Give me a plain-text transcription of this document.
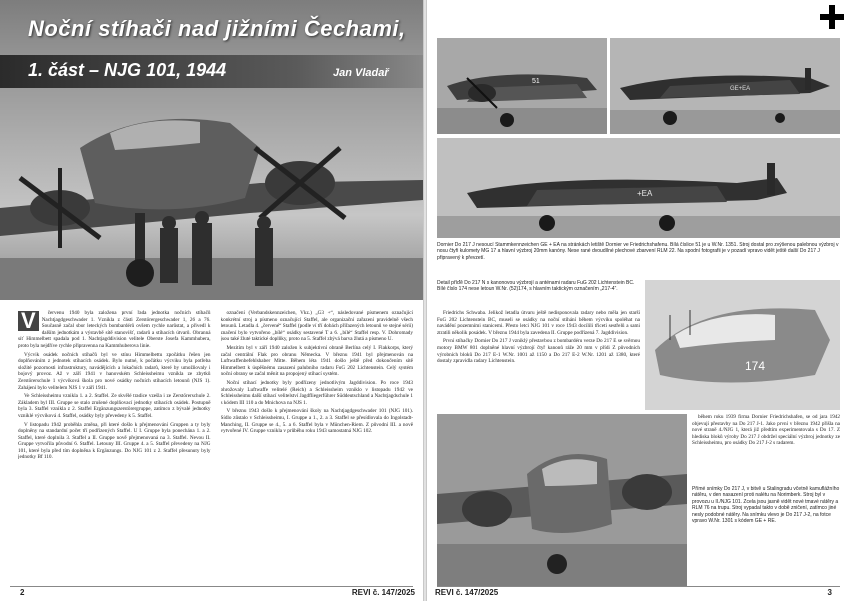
Noční stíhači nad jižními Čechami,
1. část – NJG 101, 1944	Jan Vladař
V	červenu 1940 byla založena první řada jednotka nočních stíhačů Nachtjagdgeschwader 1. Vznikla z části Zerstörergeschwader 1, 26 a 76. Současně začal sbor leteckých bombardérů ovšem rychle narůstat, a přivedl k dalším jednotkám a výstavbě sítě stanovišť, radarů a stíhacích útvarů. Obranná síť Himmelbett spadala pod 1. Nachtjagddivision velitele Oberste Josefa Kammhubera, proto byla nejdříve rychle připravenna na Kammhuberova linie.

Výcvik osádek nočních stíhačů byl ve stínu Himmelbettu zpočátku řešen jen doplňováním z jednotek stíhacích osádek. Bylo nutné, k počátku výcviku byla potřeba složité pozornosti infrastruktury, navádějících a lokačních radarů, které by umožňovaly i bojový provoz. Až v září 1941 v hanovském Schleissheimu vznikla ze zbytků Zerstörerschule 1 výcviková škola pro nové osádky nočních stíhacích letounů (NJS 1). Zahájení bylo velitelem NJS 1 v září 1941.

Ve Schleissheimu vznikla 1. a 2. Staffel. Ze skvělé tradice vzešla i ze Zerstörerschule 2. Základem byl III. Gruppe se stalo zrušené doplňovací jednotky stíhacích osádek. Postupně byla 3. Staffel vznikla z 2. Staffel Ergänzungszerstörergruppe, zatímco z bývalé jednotky vzniklé výcviková 4. Staffel, osádky byly převedeny k 5. Staffel.

V listopadu 1942 proběhla změna, při které došlo k přejmenování Gruppen a ty byly doplněny na standardní počet tří podřízených Staffel. U I. Gruppe byla ponechána 1. a 2. Staffel, které doplnila 3. Staffel a II. Gruppe nově přejmenovaná na 3. Staffel. Nevou II. Gruppe vytvořila původní 6. Staffel. Letouny III. Gruppe 4. a 5. Staffel převedeny na NJG 101, které byla před tím doplněna k Ergänzungs. Do NJG 101 z 2. Staffel přesunuty byly jednotky Bf 110.

označení (Verbandskennzeichen, Vkz.) „G3 +“, následované písmenem označující konkrétní stroj a písmeno označující Staffel, ale organizační zařazení pravidelně všech letounů. Letadla 4. „červené“ Staffel (podle ví tří dobách přiřazených letounů ve stejné sérii) značení bylo vytvořeno „bílé“ osádky sestavené T a 6. „bílé“ Staffel resp. V. Dohromady jsou také žluté taktické doplňky, proto na 5. Staffel zbývá barva žlutá a písmeno U.

Mezitím byl v září 1940 založen k subjektivní obraně Berlína celý I. Flakkorps, který začal centrální Flak pro obranu Německa. V březnu 1941 byl přejmenován na Luftwaffenbefehlshaber Mitte. Během léta 1941 došlo ještě před dokončením sítě Himmelbett k úspěšnému zasazení palubního radaru FuG 202 Lichtenstein. Celý systém noční obrany se začal měnit na propojený stíhací systém.

Noční stíhací jednotky byly podřízeny jednotlivým Jagddivision. Po roce 1943 ohrožovaly Luftwaffe velitelé (Reich) a Schleissheim vzniklo v listopadu 1942 ve Schleissheimu další stíhací velitelství Jagdfliegerführer Süddeutschland a Nachtjagdschule 1 s kódem III 110 a do Mnichova na NJS 1.

V březnu 1943 došlo k přejmenování školy na Nachtjagdgeschwader 101 (NJG 101). Sídlo zůstalo v Schleissheimu, I. Gruppe a 1., 2. a 3. Staffel se přesídlovala do Ingolstadt-Manching, II. Gruppe se 4., 5. a 6. Staffel byla v München-Riem. Z původní III. a nově vytvořené IV. Gruppe vznikla v průběhu roku 1943 samostatná NJG 102.

2	REVI č. 147/2025
51
GE+EA
+EA
Dornier Do 217 J nesoucí Stammkennzeichen GE + EA na stránkách letiště Dornier ve Friedrichshafenu. Bílá číslice 51 je u W.Nr. 1351. Stroj dostal pro zvýšenou palebnou výzbroj v nosu čtyři kulomety MG 17 a hlavní výzbroj 20mm kanóny. Nese rané dvoudílné plechové zbarvení RLM 22. Na spodní fotografii je v pozadí vpravo vidět ještě další Do 217 J připravený k převzetí.
Detail příďě Do 217 N s kanonovou výzbrojí a anténami radaru FuG 202 Lichtenstein BC. Bílé číslo 174 nese letoun W.Nr. (52)174, s hlavním taktickým označením „217-4“.
174

Friedrichs Schwaba. Jelikož letadla útvaru ještě nedisponovala radary nebo měla jen starší FuG 202 Lichtenstein BC, museli se osádky na noční stíhání během výcviku spoléhat na navádění pozemními stanicemi. Přesto letci NJG 101 v roce 1943 docílili třiceti sestřelů a sami ztratili několik posádek. V březnu 1944 byla zavedena II. Gruppe podřízená 7. Jagddivision.

První stíhačky Dornier Do 217 J vzniklý přestavbou z bombardéru verze Do 217 E se svěrnou motory BMW 801 doplněné hlavní výzbrojí čtyř kanonů ráže 20 mm v přídi Z původních výrobních bloků Do 217 E-1 W.Nr. 1001 až 1150 a Do 217 E-2 W.Nr. 1201 až 1380, které dostaly zpravidla radary Lichtenstein.

během roku 1939 firma Dornier Friedrichshafen, se od jara 1942 objevují přestavby na Do 217 J-1. Jako první v březnu 1942 přišla na nové straně 4./NJG 1, která již předtím experimentovala s Do 17. Z hlediska bloků výroby Do 217 J obdržel speciální výzbroj jednotky ze Schleissheimu, pro osádky Do 217 J-2 s radarem.

Přímé snímky Do 217 J, v bitvě u Stalingradu včetně kamuflážního nátěru, v den nasazení proti nalétu na Norimberk. Stroj byl v provozu u II./NJG 101. Zcela jsou jasně vidět nové tmavé nátěry a RLM 76 na trupu. Stroj vypadal takto v době zničení, zatímco jiné nesly podobné nátěry. Na snímku vlevo je Do 217 J-2, na fotce vpravo W.Nr. 1301 s kódem GE + RE.
REVI č. 147/2025	3
